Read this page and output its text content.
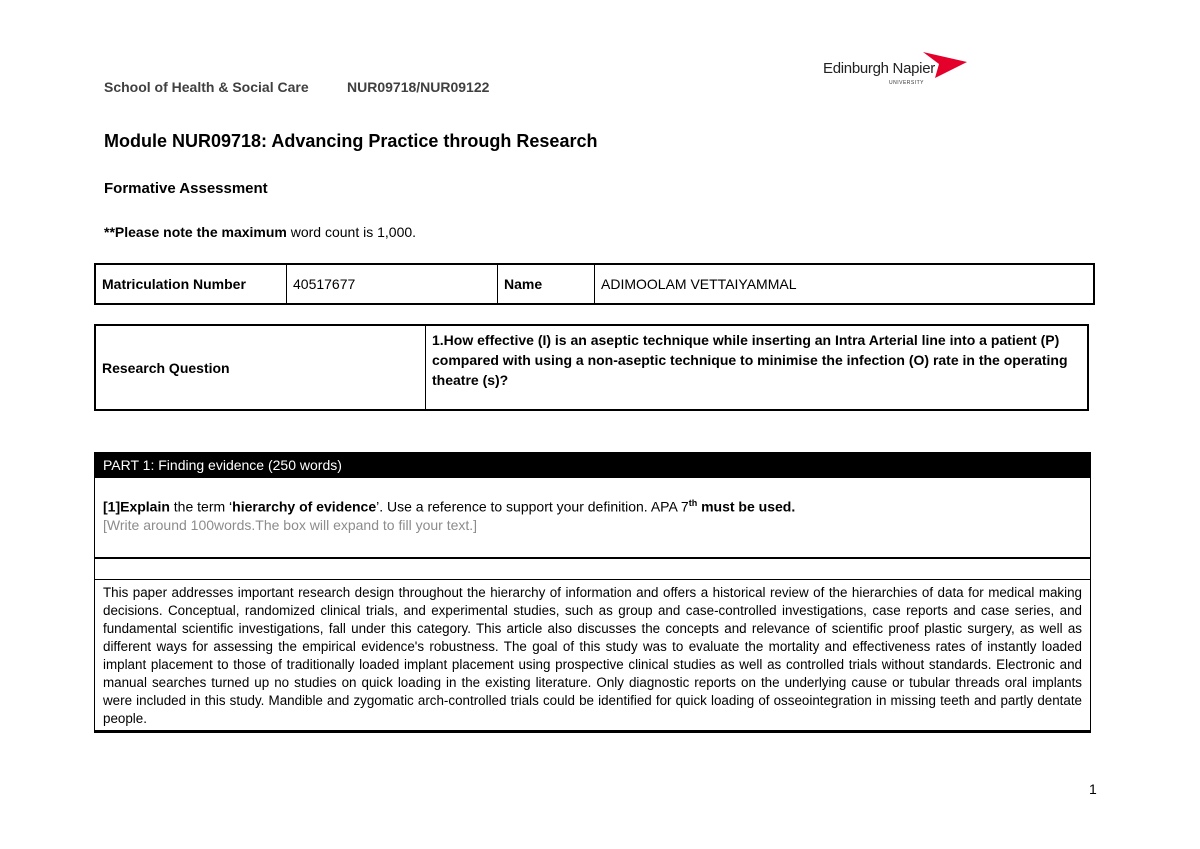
School of Health & Social Care	NUR09718/NUR09122
Edinburgh Napier
UNIVERSITY
Module NUR09718: Advancing Practice through Research
Formative Assessment
**Please note the maximum word count is 1,000.
Matriculation Number	40517677	Name	ADIMOOLAM VETTAIYAMMAL
Research Question	1.How effective (I) is an aseptic technique while inserting an Intra Arterial line into a patient (P) compared with using a non-aseptic technique to minimise the infection (O) rate in the operating theatre (s)?
PART 1: Finding evidence (250 words)
[1]Explain the term ‘hierarchy of evidence’. Use a reference to support your definition. APA 7th must be used.
[Write around 100words.The box will expand to fill your text.]
This paper addresses important research design throughout the hierarchy of information and offers a historical review of the hierarchies of data for medical making decisions. Conceptual, randomized clinical trials, and experimental studies, such as group and case-controlled investigations, case reports and case series, and fundamental scientific investigations, fall under this category. This article also discusses the concepts and relevance of scientific proof plastic surgery, as well as different ways for assessing the empirical evidence's robustness. The goal of this study was to evaluate the mortality and effectiveness rates of instantly loaded implant placement to those of traditionally loaded implant placement using prospective clinical studies as well as controlled trials without standards. Electronic and manual searches turned up no studies on quick loading in the existing literature. Only diagnostic reports on the underlying cause or tubular threads oral implants were included in this study. Mandible and zygomatic arch-controlled trials could be identified for quick loading of osseointegration in missing teeth and partly dentate people.
1
